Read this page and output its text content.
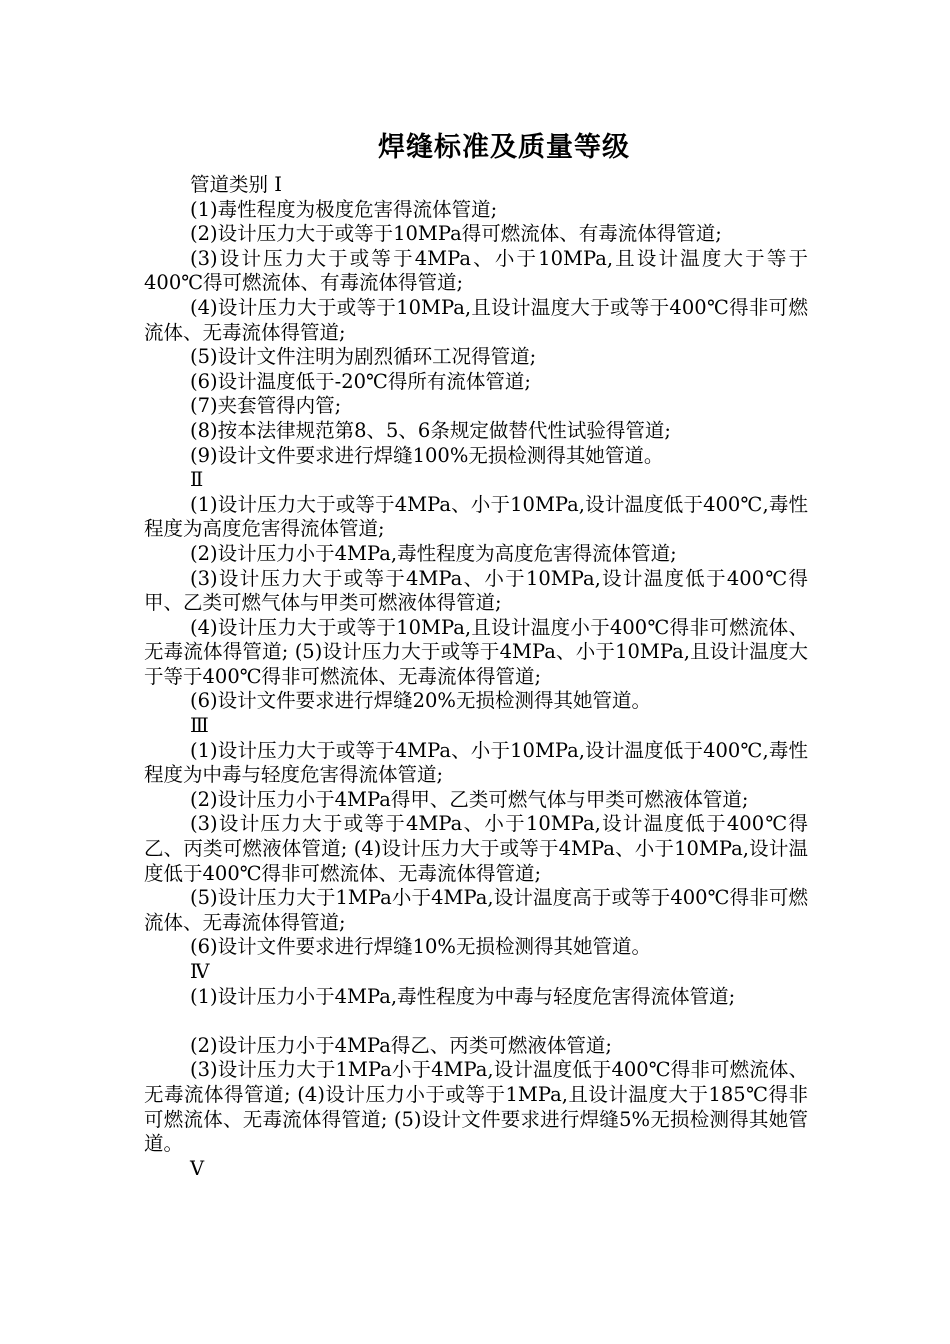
焊缝标准及质量等级

管道类别 Ⅰ

(1)毒性程度为极度危害得流体管道;

(2)设计压力大于或等于10MPa得可燃流体、有毒流体得管道;

(3)设计压力大于或等于4MPa、小于10MPa,且设计温度大于等于400℃得可燃流体、有毒流体得管道;

(4)设计压力大于或等于10MPa,且设计温度大于或等于400℃得非可燃流体、无毒流体得管道;

(5)设计文件注明为剧烈循环工况得管道;

(6)设计温度低于-20℃得所有流体管道;

(7)夹套管得内管;

(8)按本法律规范第8、5、6条规定做替代性试验得管道;

(9)设计文件要求进行焊缝100%无损检测得其她管道。

Ⅱ

(1)设计压力大于或等于4MPa、小于10MPa,设计温度低于400℃,毒性程度为高度危害得流体管道;

(2)设计压力小于4MPa,毒性程度为高度危害得流体管道;

(3)设计压力大于或等于4MPa、小于10MPa,设计温度低于400℃得甲、乙类可燃气体与甲类可燃液体得管道;

(4)设计压力大于或等于10MPa,且设计温度小于400℃得非可燃流体、无毒流体得管道; (5)设计压力大于或等于4MPa、小于10MPa,且设计温度大于等于400℃得非可燃流体、无毒流体得管道;

(6)设计文件要求进行焊缝20%无损检测得其她管道。

Ⅲ

(1)设计压力大于或等于4MPa、小于10MPa,设计温度低于400℃,毒性程度为中毒与轻度危害得流体管道;

(2)设计压力小于4MPa得甲、乙类可燃气体与甲类可燃液体管道;

(3)设计压力大于或等于4MPa、小于10MPa,设计温度低于400℃得乙、丙类可燃液体管道; (4)设计压力大于或等于4MPa、小于10MPa,设计温度低于400℃得非可燃流体、无毒流体得管道;

(5)设计压力大于1MPa小于4MPa,设计温度高于或等于400℃得非可燃流体、无毒流体得管道;

(6)设计文件要求进行焊缝10%无损检测得其她管道。

Ⅳ

(1)设计压力小于4MPa,毒性程度为中毒与轻度危害得流体管道;

(2)设计压力小于4MPa得乙、丙类可燃液体管道;

(3)设计压力大于1MPa小于4MPa,设计温度低于400℃得非可燃流体、无毒流体得管道; (4)设计压力小于或等于1MPa,且设计温度大于185℃得非可燃流体、无毒流体得管道; (5)设计文件要求进行焊缝5%无损检测得其她管道。

Ⅴ
